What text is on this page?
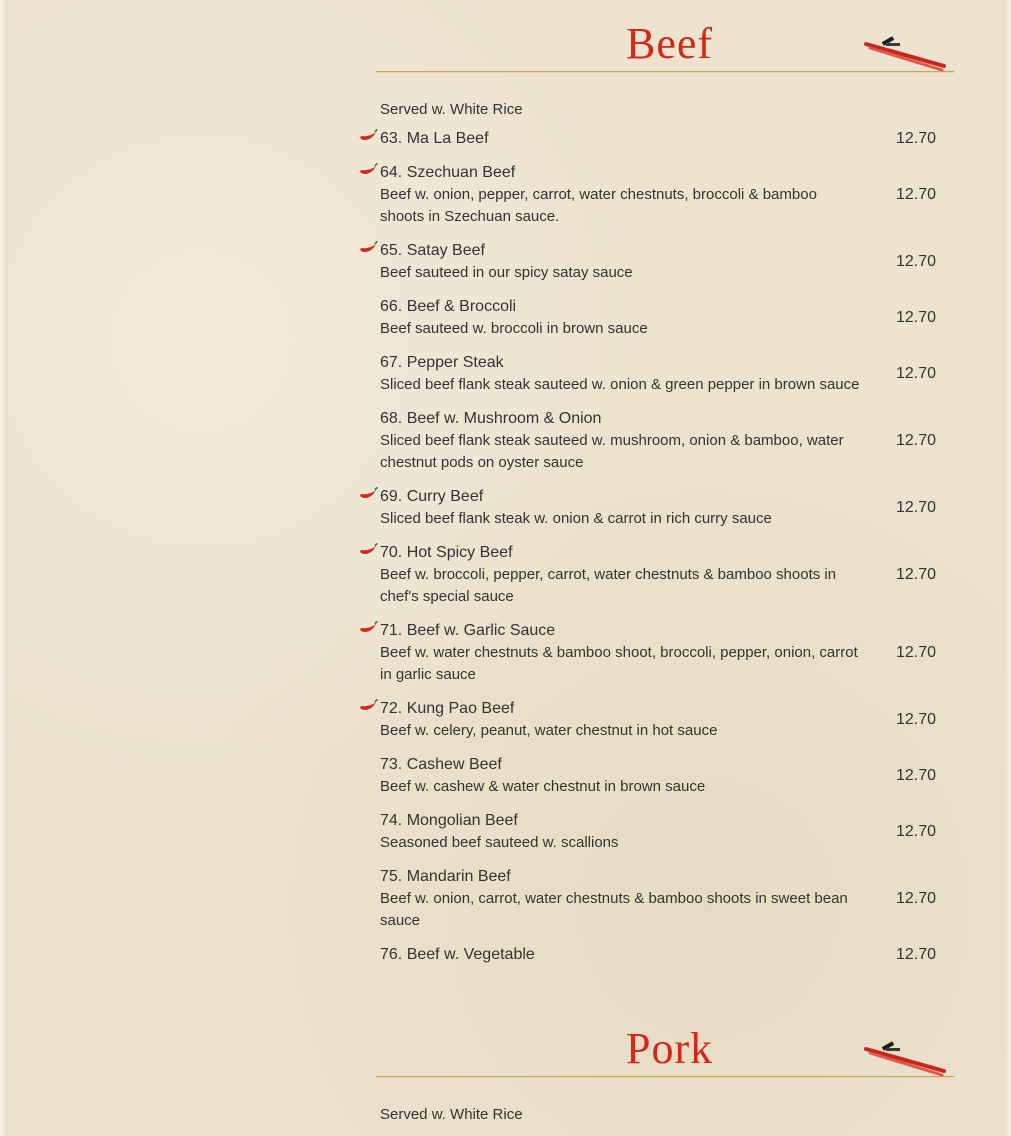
Beef
Served w. White Rice
63. Ma La Beef	12.70
64. Szechuan Beef
Beef w. onion, pepper, carrot, water chestnuts, broccoli & bamboo shoots in Szechuan sauce.
12.70
65. Satay Beef
Beef sauteed in our spicy satay sauce
12.70
66. Beef & Broccoli
Beef sauteed w. broccoli in brown sauce
12.70
67. Pepper Steak
Sliced beef flank steak sauteed w. onion & green pepper in brown sauce
12.70
68. Beef w. Mushroom & Onion
Sliced beef flank steak sauteed w. mushroom, onion & bamboo, water chestnut pods on oyster sauce
12.70
69. Curry Beef
Sliced beef flank steak w. onion & carrot in rich curry sauce
12.70
70. Hot Spicy Beef
Beef w. broccoli, pepper, carrot, water chestnuts & bamboo shoots in chef's special sauce
12.70
71. Beef w. Garlic Sauce
Beef w. water chestnuts & bamboo shoot, broccoli, pepper, onion, carrot in garlic sauce
12.70
72. Kung Pao Beef
Beef w. celery, peanut, water chestnut in hot sauce
12.70
73. Cashew Beef
Beef w. cashew & water chestnut in brown sauce
12.70
74. Mongolian Beef
Seasoned beef sauteed w. scallions
12.70
75. Mandarin Beef
Beef w. onion, carrot, water chestnuts & bamboo shoots in sweet bean sauce
12.70
76. Beef w. Vegetable	12.70
Pork
Served w. White Rice
